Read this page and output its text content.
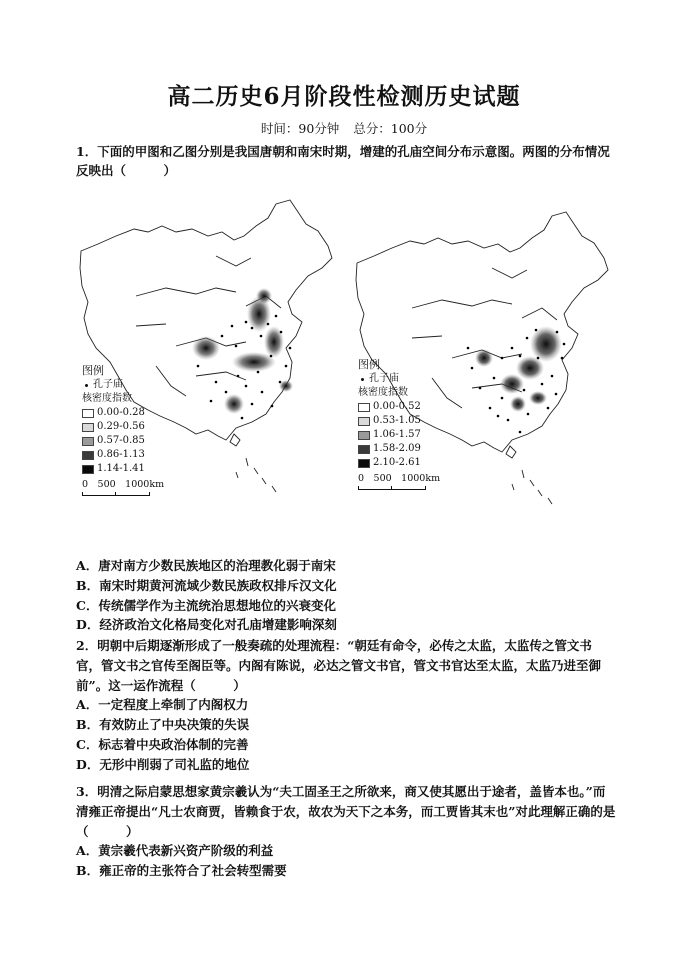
高二历史6月阶段性检测历史试题
时间：90分钟 总分：100分
1．下面的甲图和乙图分别是我国唐朝和南宋时期，增建的孔庙空间分布示意图。两图的分布情况反映出（　　　）
图例
孔子庙
核密度指数
0.00-0.28
0.29-0.56
0.57-0.85
0.86-1.13
1.14-1.41
0　500　1000km
图例
孔子庙
核密度指数
0.00-0.52
0.53-1.05
1.06-1.57
1.58-2.09
2.10-2.61
0　500　1000km

A．唐对南方少数民族地区的治理教化弱于南宋

B．南宋时期黄河流域少数民族政权排斥汉文化

C．传统儒学作为主流统治思想地位的兴衰变化

D．经济政治文化格局变化对孔庙增建影响深刻

2．明朝中后期逐渐形成了一般奏疏的处理流程：“朝廷有命令，必传之太监，太监传之管文书官，管文书之官传至阁臣等。内阁有陈说，必达之管文书官，管文书官达至太监，太监乃进至御前”。这一运作流程（　　　）

A．一定程度上牵制了内阁权力

B．有效防止了中央决策的失误

C．标志着中央政治体制的完善

D．无形中削弱了司礼监的地位

3．明清之际启蒙思想家黄宗羲认为“夫工固圣王之所欲来，商又使其愿出于途者，盖皆本也。”而清雍正帝提出“凡士农商贾，皆赖食于农，故农为天下之本务，而工贾皆其末也”对此理解正确的是（　　　）

A．黄宗羲代表新兴资产阶级的利益

B．雍正帝的主张符合了社会转型需要
